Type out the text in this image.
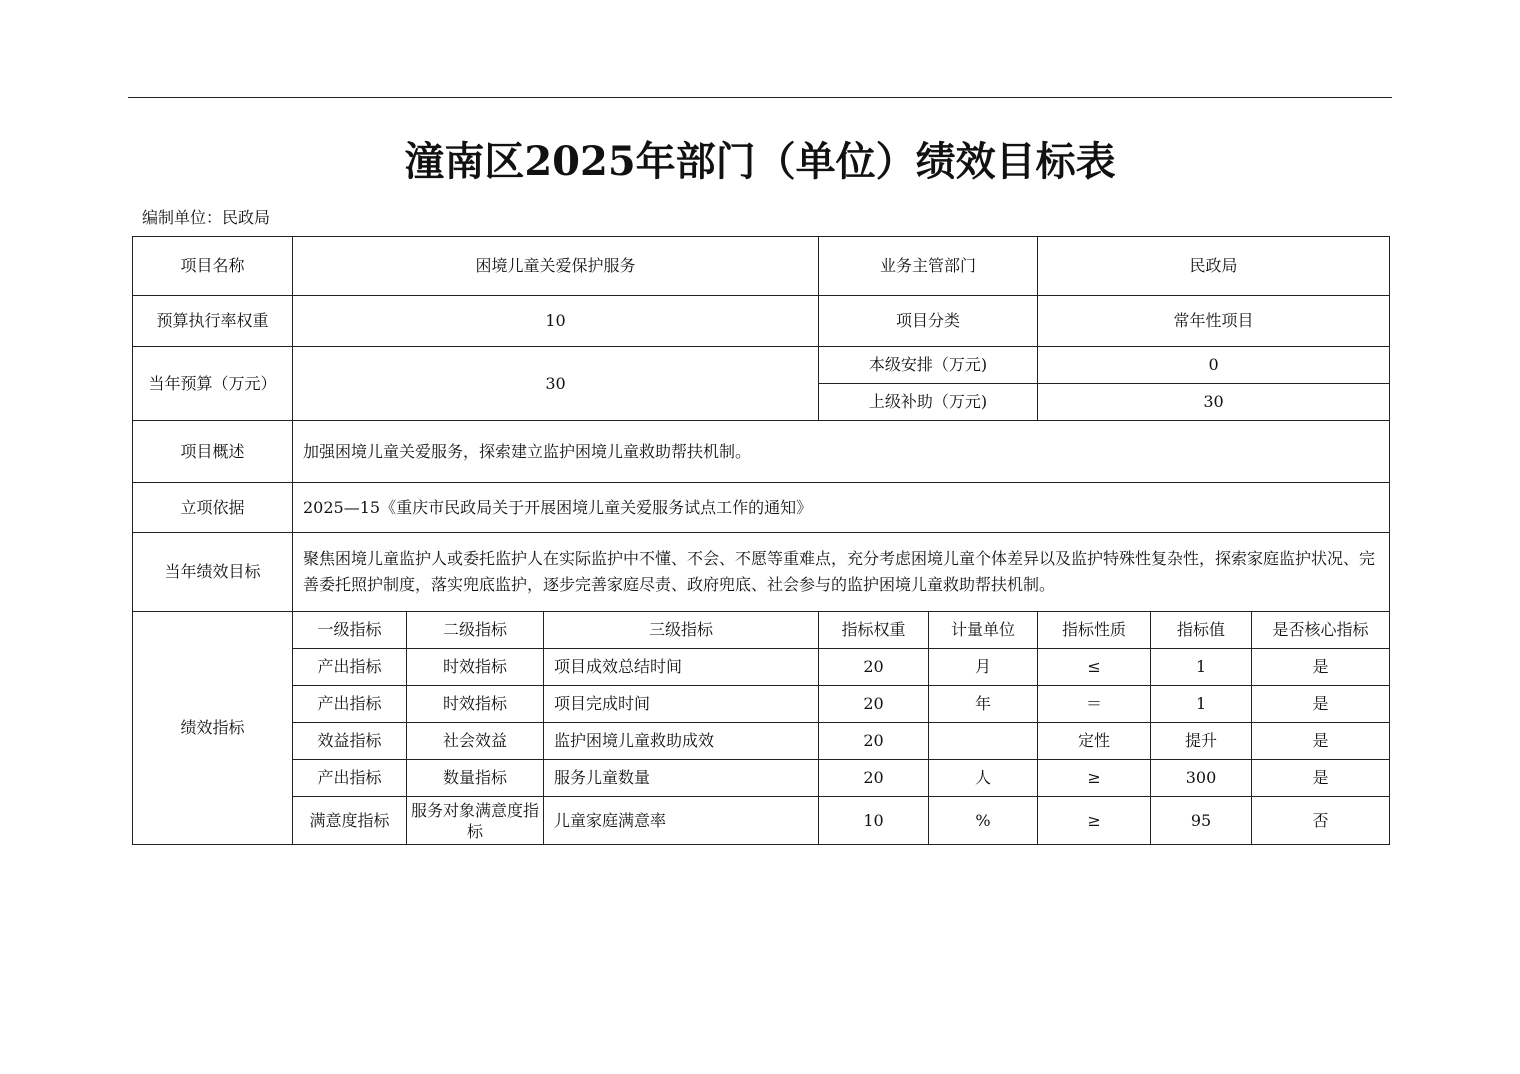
潼南区2025年部门（单位）绩效目标表
编制单位：民政局
项目名称	困境儿童关爱保护服务			业务主管部门		民政局		
预算执行率权重	10			项目分类		常年性项目		
当年预算（万元）	30			本级安排（万元)		0		
				上级补助（万元)		30		
项目概述	加强困境儿童关爱服务，探索建立监护困境儿童救助帮扶机制。							
立项依据	2025—15《重庆市民政局关于开展困境儿童关爱服务试点工作的通知》							
当年绩效目标	聚焦困境儿童监护人或委托监护人在实际监护中不懂、不会、不愿等重难点，充分考虑困境儿童个体差异以及监护特殊性复杂性，探索家庭监护状况、完善委托照护制度，落实兜底监护，逐步完善家庭尽责、政府兜底、社会参与的监护困境儿童救助帮扶机制。							
绩效指标	一级指标	二级指标	三级指标	指标权重	计量单位	指标性质	指标值	是否核心指标
	产出指标	时效指标	项目成效总结时间	20	月	≤	1	是
	产出指标	时效指标	项目完成时间	20	年	＝	1	是
	效益指标	社会效益	监护困境儿童救助成效	20		定性	提升	是
	产出指标	数量指标	服务儿童数量	20	人	≥	300	是
	满意度指标	服务对象满意度指标	儿童家庭满意率	10	%	≥	95	否
